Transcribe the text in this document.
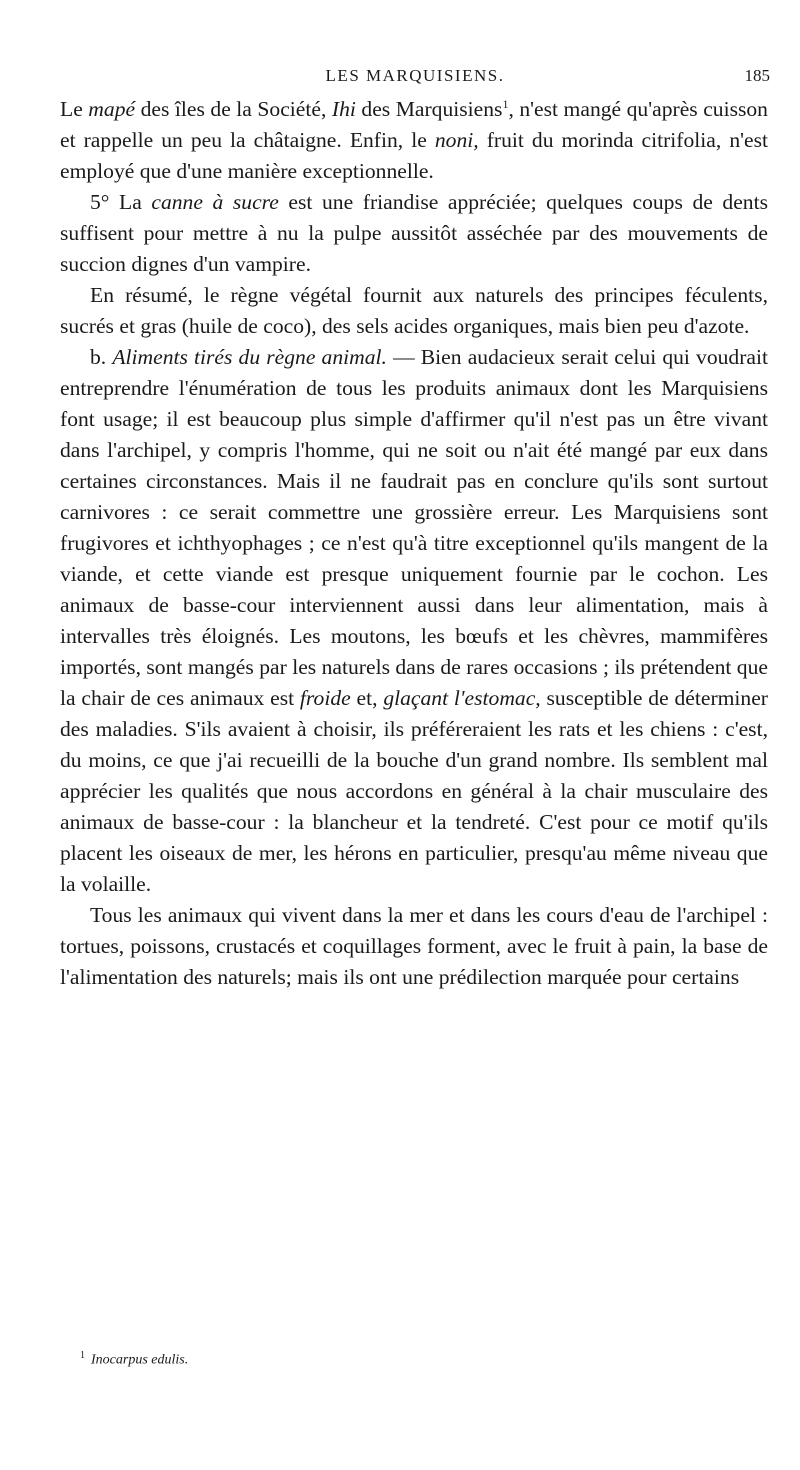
LES MARQUISIENS.	185

Le mapé des îles de la Société, Ihi des Marquisiens$^1$, n'est mangé qu'après cuisson et rappelle un peu la châtaigne. Enfin, le noni, fruit du morinda citrifolia, n'est employé que d'une manière exceptionnelle.

5° La canne à sucre est une friandise appréciée; quelques coups de dents suffisent pour mettre à nu la pulpe aussitôt asséchée par des mouvements de succion dignes d'un vampire.

En résumé, le règne végétal fournit aux naturels des principes féculents, sucrés et gras (huile de coco), des sels acides organiques, mais bien peu d'azote.

b. Aliments tirés du règne animal. — Bien audacieux serait celui qui voudrait entreprendre l'énumération de tous les produits animaux dont les Marquisiens font usage; il est beaucoup plus simple d'affirmer qu'il n'est pas un être vivant dans l'archipel, y compris l'homme, qui ne soit ou n'ait été mangé par eux dans certaines circonstances. Mais il ne faudrait pas en conclure qu'ils sont surtout carnivores : ce serait commettre une grossière erreur. Les Marquisiens sont frugivores et ichthyophages ; ce n'est qu'à titre exceptionnel qu'ils mangent de la viande, et cette viande est presque uniquement fournie par le cochon. Les animaux de basse-cour interviennent aussi dans leur alimentation, mais à intervalles très éloignés. Les moutons, les bœufs et les chèvres, mammifères importés, sont mangés par les naturels dans de rares occasions ; ils prétendent que la chair de ces animaux est froide et, glaçant l'estomac, susceptible de déterminer des maladies. S'ils avaient à choisir, ils préféreraient les rats et les chiens : c'est, du moins, ce que j'ai recueilli de la bouche d'un grand nombre. Ils semblent mal apprécier les qualités que nous accordons en général à la chair musculaire des animaux de basse-cour : la blancheur et la tendreté. C'est pour ce motif qu'ils placent les oiseaux de mer, les hérons en particulier, presqu'au même niveau que la volaille.

Tous les animaux qui vivent dans la mer et dans les cours d'eau de l'archipel : tortues, poissons, crustacés et coquillages forment, avec le fruit à pain, la base de l'alimentation des naturels; mais ils ont une prédilection marquée pour certains

$^1$ Inocarpus edulis.
